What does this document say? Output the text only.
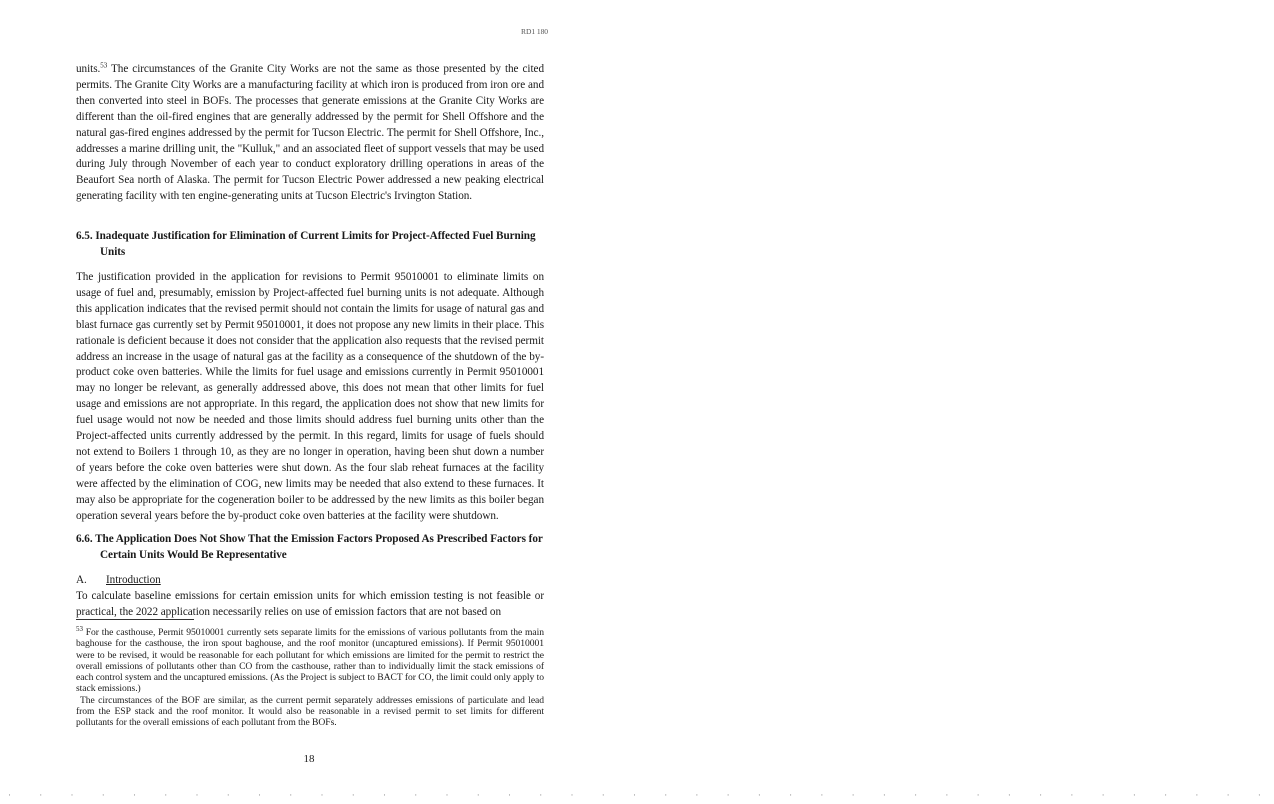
RD1 180

units.$^{53}$ The circumstances of the Granite City Works are not the same as those presented by the cited permits. The Granite City Works are a manufacturing facility at which iron is produced from iron ore and then converted into steel in BOFs. The processes that generate emissions at the Granite City Works are different than the oil-fired engines that are generally addressed by the permit for Shell Offshore and the natural gas-fired engines addressed by the permit for Tucson Electric. The permit for Shell Offshore, Inc., addresses a marine drilling unit, the "Kulluk," and an associated fleet of support vessels that may be used during July through November of each year to conduct exploratory drilling operations in areas of the Beaufort Sea north of Alaska. The permit for Tucson Electric Power addressed a new peaking electrical generating facility with ten engine-generating units at Tucson Electric's Irvington Station.

6.5. Inadequate Justification for Elimination of Current Limits for Project-Affected Fuel Burning Units

The justification provided in the application for revisions to Permit 95010001 to eliminate limits on usage of fuel and, presumably, emission by Project-affected fuel burning units is not adequate. Although this application indicates that the revised permit should not contain the limits for usage of natural gas and blast furnace gas currently set by Permit 95010001, it does not propose any new limits in their place. This rationale is deficient because it does not consider that the application also requests that the revised permit address an increase in the usage of natural gas at the facility as a consequence of the shutdown of the by-product coke oven batteries. While the limits for fuel usage and emissions currently in Permit 95010001 may no longer be relevant, as generally addressed above, this does not mean that other limits for fuel usage and emissions are not appropriate. In this regard, the application does not show that new limits for fuel usage would not now be needed and those limits should address fuel burning units other than the Project-affected units currently addressed by the permit. In this regard, limits for usage of fuels should not extend to Boilers 1 through 10, as they are no longer in operation, having been shut down a number of years before the coke oven batteries were shut down. As the four slab reheat furnaces at the facility were affected by the elimination of COG, new limits may be needed that also extend to these furnaces. It may also be appropriate for the cogeneration boiler to be addressed by the new limits as this boiler began operation several years before the by-product coke oven batteries at the facility were shutdown.

6.6. The Application Does Not Show That the Emission Factors Proposed As Prescribed Factors for Certain Units Would Be Representative

A. Introduction

To calculate baseline emissions for certain emission units for which emission testing is not feasible or practical, the 2022 application necessarily relies on use of emission factors that are not based on

$^{53}$ For the casthouse, Permit 95010001 currently sets separate limits for the emissions of various pollutants from the main baghouse for the casthouse, the iron spout baghouse, and the roof monitor (uncaptured emissions). If Permit 95010001 were to be revised, it would be reasonable for each pollutant for which emissions are limited for the permit to restrict the overall emissions of pollutants other than CO from the casthouse, rather than to individually limit the stack emissions of each control system and the uncaptured emissions. (As the Project is subject to BACT for CO, the limit could only apply to stack emissions.)

The circumstances of the BOF are similar, as the current permit separately addresses emissions of particulate and lead from the ESP stack and the roof monitor. It would also be reasonable in a revised permit to set limits for different pollutants for the overall emissions of each pollutant from the BOFs.

18
· · · · · · · · · · · · · · · · · · · · · · · · · · · · · · · · · · · · · · · · ·
